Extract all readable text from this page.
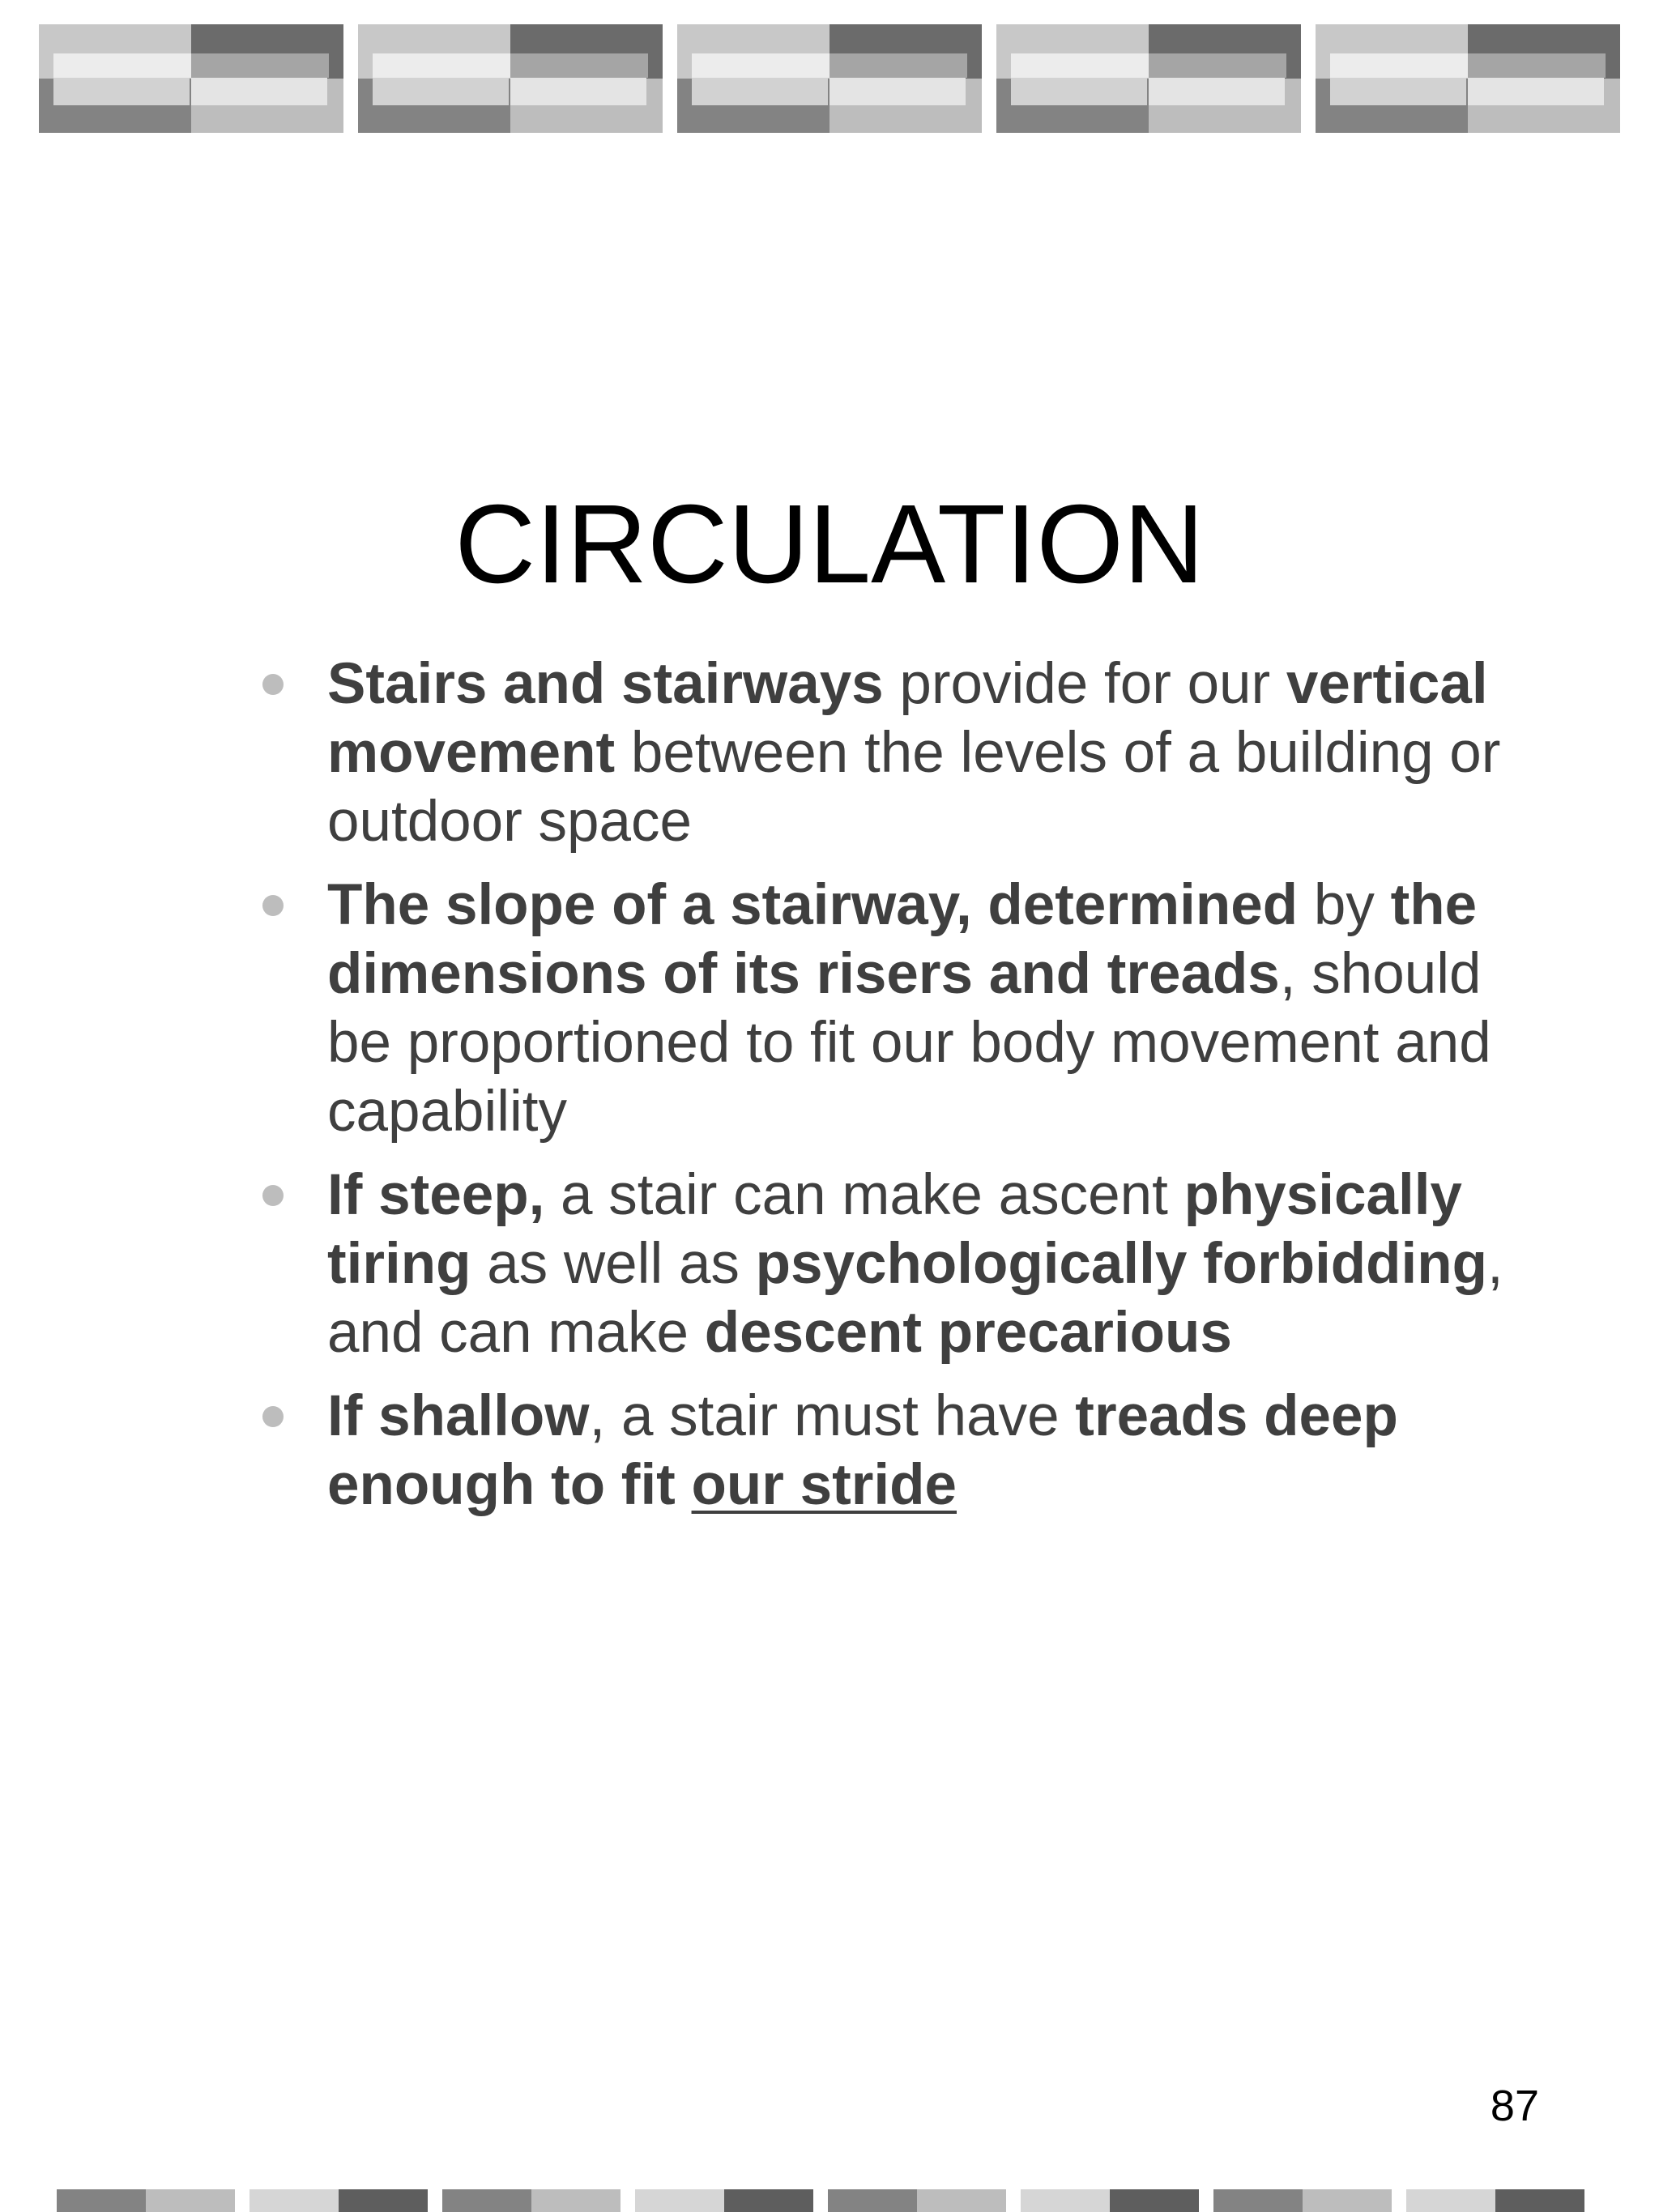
CIRCULATION
Stairs and stairways provide for our vertical movement between the levels of a building or outdoor space
The slope of a stairway, determined by the dimensions of its risers and treads, should be proportioned to fit our body movement and capability
If steep, a stair can make ascent physically tiring as well as psychologically forbidding, and can make descent precarious
If shallow, a stair must have treads deep enough to fit our stride
87
